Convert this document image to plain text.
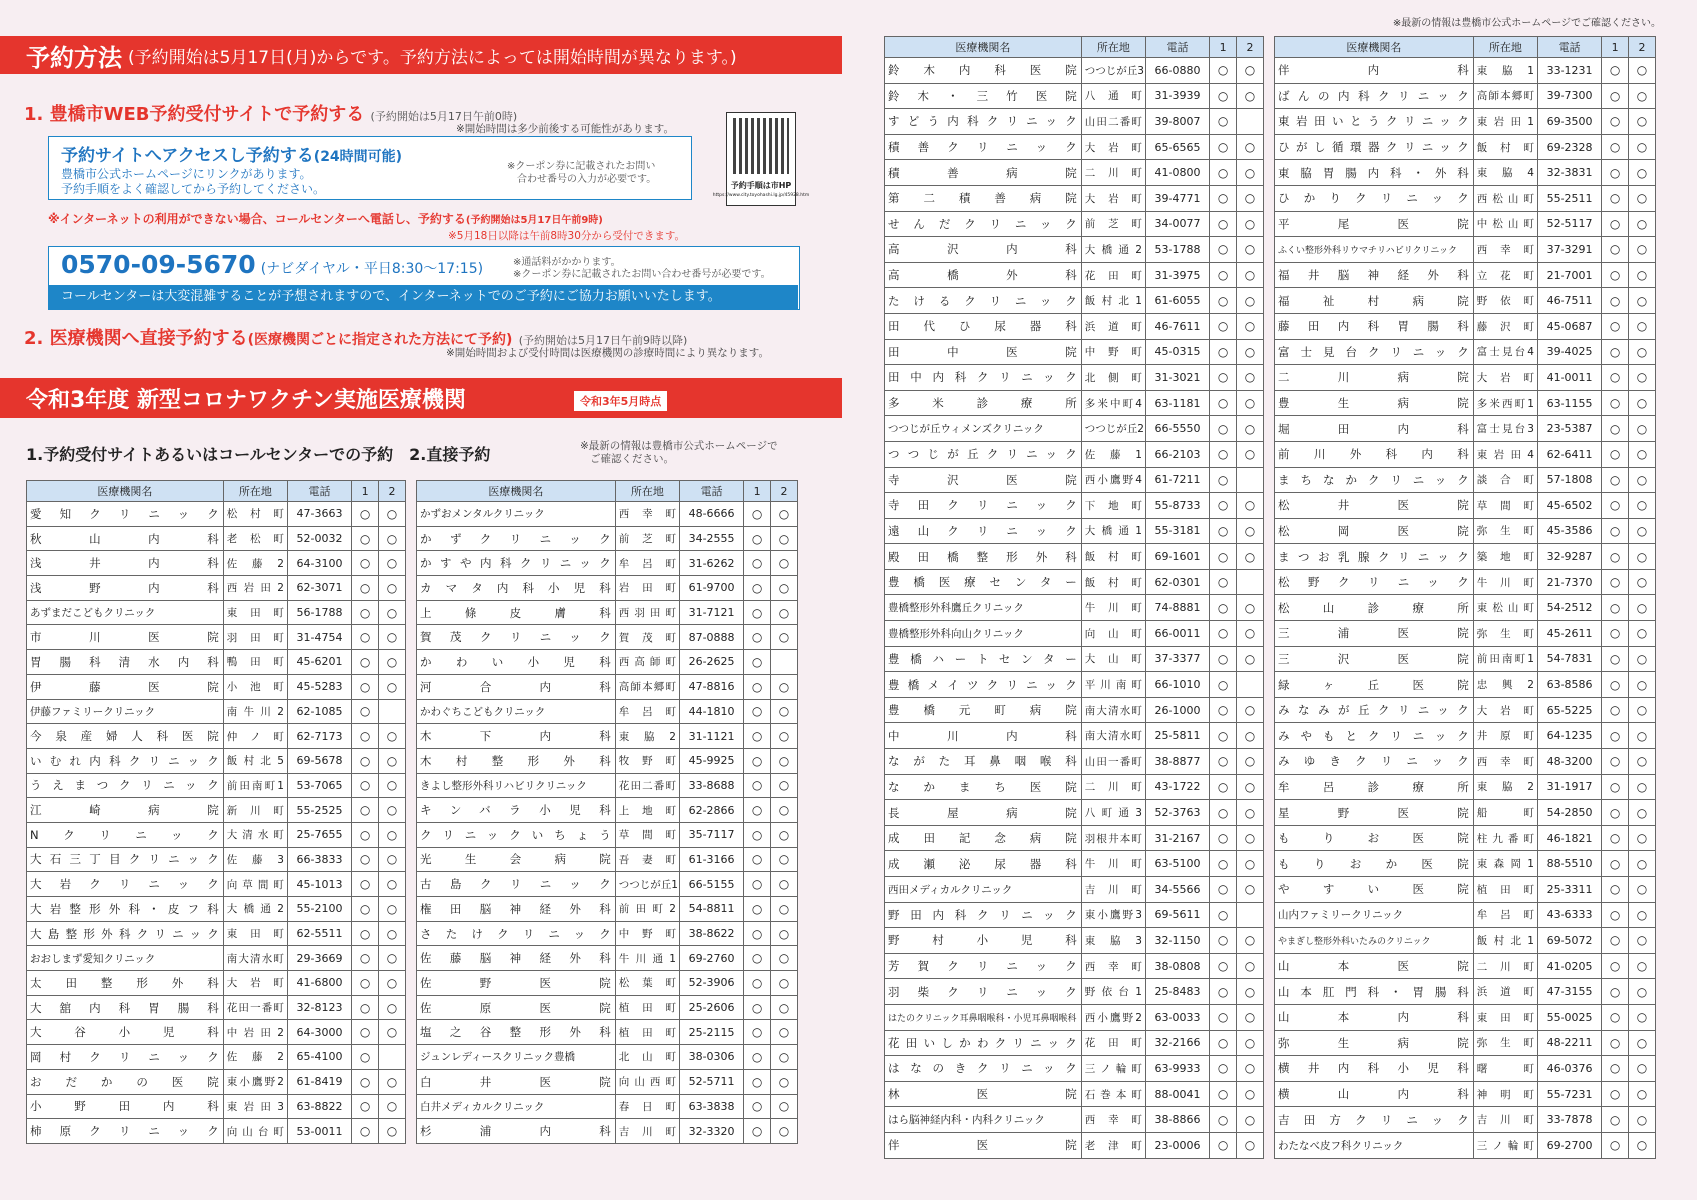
※最新の情報は豊橋市公式ホームページでご確認ください。
予約方法 (予約開始は5月17日(月)からです。予約方法によっては開始時間が異なります。)
1. 豊橋市WEB予約受付サイトで予約する (予約開始は5月17日午前0時)
※開始時間は多少前後する可能性があります。
予約サイトへアクセスし予約する(24時間可能)
豊橋市公式ホームページにリンクがあります。
予約手順をよく確認してから予約してください。
※クーポン券に記載されたお問い
合わせ番号の入力が必要です。
予約手順は市HP
https://www.city.toyohashi.lg.jp/45928.htm
※インターネットの利用ができない場合、コールセンターへ電話し、予約する(予約開始は5月17日午前9時)
※5月18日以降は午前8時30分から受付できます。
0570-09-5670 (ナビダイヤル・平日8:30〜17:15)	※通話料がかかります。
※クーポン券に記載されたお問い合わせ番号が必要です。
コールセンターは大変混雑することが予想されますので、インターネットでのご予約にご協力お願いいたします。
2. 医療機関へ直接予約する(医療機関ごとに指定された方法にて予約) (予約開始は5月17日午前9時以降)
※開始時間および受付時間は医療機関の診療時間により異なります。
令和3年度 新型コロナワクチン実施医療機関	令和3年5月時点
1.予約受付サイトあるいはコールセンターでの予約　2.直接予約	※最新の情報は豊橋市公式ホームページで
ご確認ください。
医療機関名	所在地	電話	1	2
愛知クリニック	松村町	47-3663	○	○
秋山内科	老松町	52-0032	○	○
浅井内科	佐藤2	64-3100	○	○
浅野内科	西岩田2	62-3071	○	○
あずまだこどもクリニック	東田町	56-1788	○	○
市川医院	羽田町	31-4754	○	○
胃腸科清水内科	鴨田町	45-6201	○	○
伊藤医院	小池町	45-5283	○	○
伊藤ファミリークリニック	南牛川2	62-1085	○	
今泉産婦人科医院	仲ノ町	62-7173	○	○
いむれ内科クリニック	飯村北5	69-5678	○	○
うえまつクリニック	前田南町1	53-7065	○	○
江崎病院	新川町	55-2525	○	○
Nクリニック	大清水町	25-7655	○	○
大石三丁目クリニック	佐藤3	66-3833	○	○
大岩クリニック	向草間町	45-1013	○	○
大岩整形外科・皮フ科	大橋通2	55-2100	○	○
大島整形外科クリニック	東田町	62-5511	○	○
おおしまず愛知クリニック	南大清水町	29-3669	○	○
太田整形外科	大岩町	41-6800	○	○
大舘内科胃腸科	花田一番町	32-8123	○	○
大谷小児科	中岩田2	64-3000	○	○
岡村クリニック	佐藤2	65-4100	○	
おだかの医院	東小鷹野2	61-8419	○	○
小野田内科	東岩田3	63-8822	○	○
柿原クリニック	向山台町	53-0011	○	○
医療機関名	所在地	電話	1	2
かずおメンタルクリニック	西幸町	48-6666	○	○
かずクリニック	前芝町	34-2555	○	○
かすや内科クリニック	牟呂町	31-6262	○	○
カマタ内科小児科	岩田町	61-9700	○	○
上條皮膚科	西羽田町	31-7121	○	○
賀茂クリニック	賀茂町	87-0888	○	○
かわい小児科	西高師町	26-2625	○	
河合内科	高師本郷町	47-8816	○	○
かわぐちこどもクリニック	牟呂町	44-1810	○	○
木下内科	東脇2	31-1121	○	○
木村整形外科	牧野町	45-9925	○	○
きよし整形外科リハビリクリニック	花田二番町	33-8688	○	○
キンバラ小児科	上地町	62-2866	○	○
クリニックいちょう	草間町	35-7117	○	○
光生会病院	吾妻町	61-3166	○	○
古島クリニック	つつじが丘1	66-5155	○	○
権田脳神経外科	前田町2	54-8811	○	○
さたけクリニック	中野町	38-8622	○	○
佐藤脳神経外科	牛川通1	69-2760	○	○
佐野医院	松葉町	52-3906	○	○
佐原医院	植田町	25-2606	○	○
塩之谷整形外科	植田町	25-2115	○	○
ジュンレディースクリニック豊橋	北山町	38-0306	○	○
白井医院	向山西町	52-5711	○	○
白井メディカルクリニック	春日町	63-3838	○	○
杉浦内科	吉川町	32-3320	○	○
医療機関名	所在地	電話	1	2
鈴木内科医院	つつじが丘3	66-0880	○	○
鈴木・三竹医院	八通町	31-3939	○	○
すどう内科クリニック	山田二番町	39-8007	○	
積善クリニック	大岩町	65-6565	○	○
積善病院	二川町	41-0800	○	○
第二積善病院	大岩町	39-4771	○	○
せんだクリニック	前芝町	34-0077	○	○
高沢内科	大橋通2	53-1788	○	○
高橋外科	花田町	31-3975	○	○
たけるクリニック	飯村北1	61-6055	○	○
田代ひ尿器科	浜道町	46-7611	○	○
田中医院	中野町	45-0315	○	○
田中内科クリニック	北側町	31-3021	○	○
多米診療所	多米中町4	63-1181	○	○
つつじが丘ウィメンズクリニック	つつじが丘2	66-5550	○	○
つつじが丘クリニック	佐藤1	66-2103	○	○
寺沢医院	西小鷹野4	61-7211	○	
寺田クリニック	下地町	55-8733	○	○
遠山クリニック	大橋通1	55-3181	○	○
殿田橋整形外科	飯村町	69-1601	○	○
豊橋医療センター	飯村町	62-0301	○	
豊橋整形外科鷹丘クリニック	牛川町	74-8881	○	○
豊橋整形外科向山クリニック	向山町	66-0011	○	○
豊橋ハートセンター	大山町	37-3377	○	○
豊橋メイツクリニック	平川南町	66-1010	○	
豊橋元町病院	南大清水町	26-1000	○	○
中川内科	南大清水町	25-5811	○	○
ながた耳鼻咽喉科	山田一番町	38-8877	○	○
なかまち医院	二川町	43-1722	○	○
長屋病院	八町通3	52-3763	○	○
成田記念病院	羽根井本町	31-2167	○	○
成瀬泌尿器科	牛川町	63-5100	○	○
西田メディカルクリニック	吉川町	34-5566	○	○
野田内科クリニック	東小鷹野3	69-5611	○	
野村小児科	東脇3	32-1150	○	○
芳賀クリニック	西幸町	38-0808	○	○
羽柴クリニック	野依台1	25-8483	○	○
はたのクリニック耳鼻咽喉科・小児耳鼻咽喉科	西小鷹野2	63-0033	○	○
花田いしかわクリニック	花田町	32-2166	○	○
はなのきクリニック	三ノ輪町	63-9933	○	○
林医院	石巻本町	88-0041	○	○
はら脳神経内科・内科クリニック	西幸町	38-8866	○	○
伴医院	老津町	23-0006	○	○
医療機関名	所在地	電話	1	2
伴内科	東脇1	33-1231	○	○
ばんの内科クリニック	高師本郷町	39-7300	○	○
東岩田いとうクリニック	東岩田1	69-3500	○	○
ひがし循環器クリニック	飯村町	69-2328	○	○
東脇胃腸内科・外科	東脇4	32-3831	○	○
ひかりクリニック	西松山町	55-2511	○	○
平尾医院	中松山町	52-5117	○	○
ふくい整形外科リウマチリハビリクリニック	西幸町	37-3291	○	○
福井脳神経外科	立花町	21-7001	○	○
福祉村病院	野依町	46-7511	○	○
藤田内科胃腸科	藤沢町	45-0687	○	○
富士見台クリニック	富士見台4	39-4025	○	○
二川病院	大岩町	41-0011	○	○
豊生病院	多米西町1	63-1155	○	○
堀田内科	富士見台3	23-5387	○	○
前川外科内科	東岩田4	62-6411	○	○
まちなかクリニック	談合町	57-1808	○	○
松井医院	草間町	45-6502	○	○
松岡医院	弥生町	45-3586	○	○
まつお乳腺クリニック	築地町	32-9287	○	○
松野クリニック	牛川町	21-7370	○	○
松山診療所	東松山町	54-2512	○	○
三浦医院	弥生町	45-2611	○	○
三沢医院	前田南町1	54-7831	○	○
緑ヶ丘医院	忠興2	63-8586	○	○
みなみが丘クリニック	大岩町	65-5225	○	○
みやもとクリニック	井原町	64-1235	○	○
みゆきクリニック	西幸町	48-3200	○	○
牟呂診療所	東脇2	31-1917	○	○
星野医院	船町	54-2850	○	○
もりお医院	柱九番町	46-1821	○	○
もりおか医院	東森岡1	88-5510	○	○
やすい医院	植田町	25-3311	○	○
山内ファミリークリニック	牟呂町	43-6333	○	○
やまぎし整形外科いたみのクリニック	飯村北1	69-5072	○	○
山本医院	二川町	41-0205	○	○
山本肛門科・胃腸科	浜道町	47-3155	○	○
山本内科	東田町	55-0025	○	○
弥生病院	弥生町	48-2211	○	○
横井内科小児科	曙町	46-0376	○	○
横山内科	神明町	55-7231	○	○
吉田方クリニック	吉川町	33-7878	○	○
わたなべ皮フ科クリニック	三ノ輪町	69-2700	○	○
